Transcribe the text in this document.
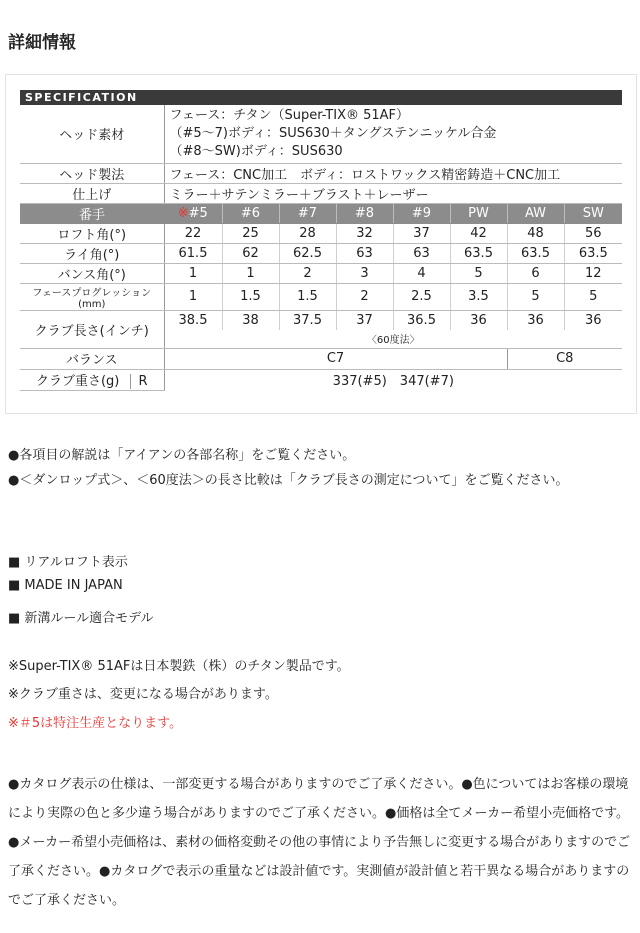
詳細情報
SPECIFICATION
ヘッド素材	フェース：チタン（Super-TIX® 51AF）
（#5〜7)ボディ：SUS630＋タングステンニッケル合金
（#8〜SW)ボディ：SUS630							

ヘッド製法	フェース：CNC加工　ボディ：ロストワックス精密鋳造＋CNC加工							
仕上げ	ミラー＋サテンミラー＋ブラスト＋レーザー							
番手	※#5	#6	#7	#8	#9	PW	AW	SW
ロフト角(°)	22	25	28	32	37	42	48	56
ライ角(°)	61.5	62	62.5	63	63	63.5	63.5	63.5
バンス角(°)	1	1	2	3	4	5	6	12
フェースプログレッション(mm)	1	1.5	1.5	2	2.5	3.5	5	5
クラブ長さ(インチ)	38.5	38	37.5	37	36.5	36	36	36
	〈60度法〉							
バランス	C7						C8	
クラブ重さ(g) R	337(#5)　347(#7)							
●各項目の解説は「アイアンの各部名称」をご覧ください。
●＜ダンロップ式＞、＜60度法＞の長さ比較は「クラブ長さの測定について」をご覧ください。
■ リアルロフト表示
■ MADE IN JAPAN
■ 新溝ルール適合モデル
※Super-TIX® 51AFは日本製鉄（株）のチタン製品です。
※クラブ重さは、変更になる場合があります。
※＃5は特注生産となります。
●カタログ表示の仕様は、一部変更する場合がありますのでご了承ください。●色についてはお客様の環境により実際の色と多少違う場合がありますのでご了承ください。●価格は全てメーカー希望小売価格です。●メーカー希望小売価格は、素材の価格変動その他の事情により予告無しに変更する場合がありますのでご了承ください。●カタログで表示の重量などは設計値です。実測値が設計値と若干異なる場合がありますのでご了承ください。
